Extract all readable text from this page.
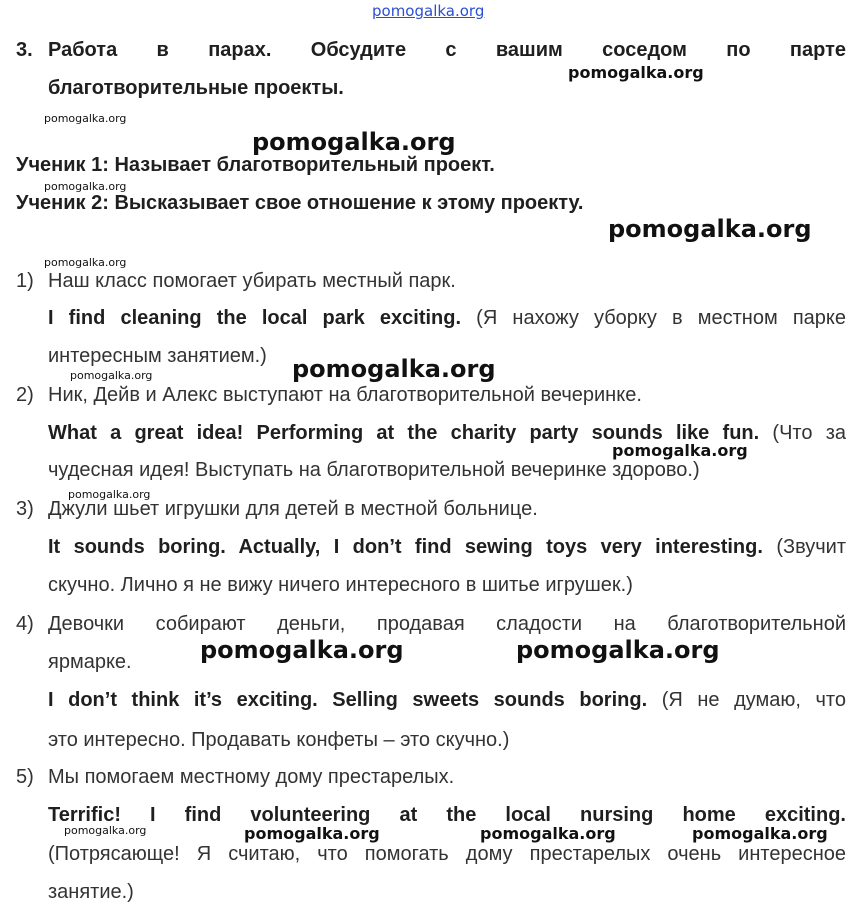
pomogalka.org
3. Работа в парах. Обсудите с вашим соседом по парте
благотворительные проекты.
Ученик 1: Называет благотворительный проект.
Ученик 2: Высказывает свое отношение к этому проекту.
1) Наш класс помогает убирать местный парк.
I find cleaning the local park exciting. (Я нахожу уборку в местном парке
интересным занятием.)
2) Ник, Дейв и Алекс выступают на благотворительной вечеринке.
What a great idea! Performing at the charity party sounds like fun. (Что за
чудесная идея! Выступать на благотворительной вечеринке здорово.)
3) Джули шьет игрушки для детей в местной больнице.
It sounds boring. Actually, I don’t find sewing toys very interesting. (Звучит
скучно. Лично я не вижу ничего интересного в шитье игрушек.)
4) Девочки собирают деньги, продавая сладости на благотворительной
ярмарке.
I don’t think it’s exciting. Selling sweets sounds boring. (Я не думаю, что
это интересно. Продавать конфеты – это скучно.)
5) Мы помогаем местному дому престарелых.
Terrific! I find volunteering at the local nursing home exciting.
(Потрясающе! Я считаю, что помогать дому престарелых очень интересное
занятие.)
pomogalka.org
pomogalka.org
pomogalka.org
pomogalka.org
pomogalka.org
pomogalka.org
pomogalka.org
pomogalka.org
pomogalka.org
pomogalka.org
pomogalka.org	pomogalka.org
pomogalka.org	pomogalka.org	pomogalka.org	pomogalka.org
